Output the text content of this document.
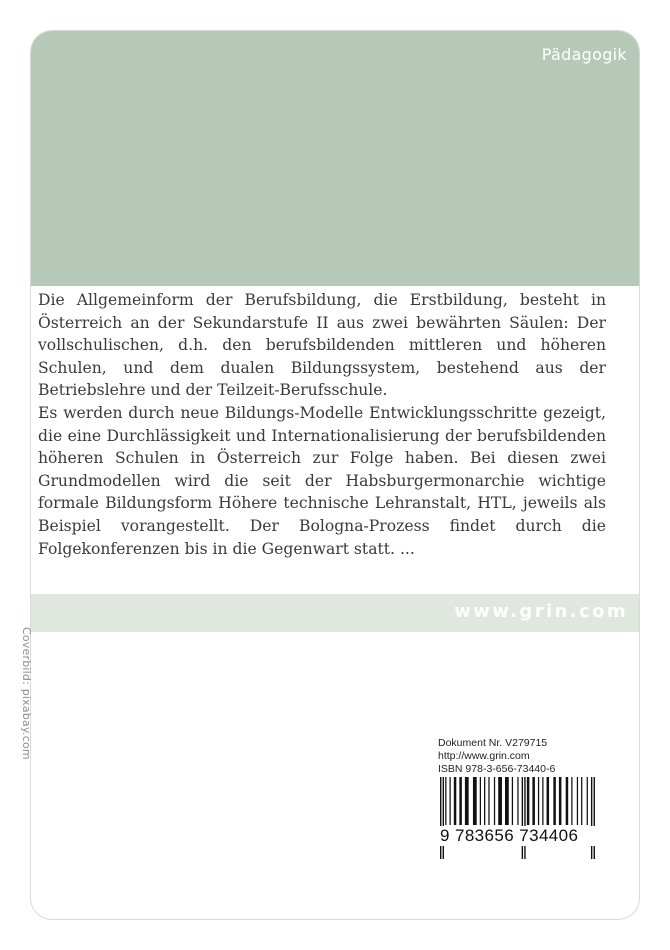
Pädagogik

Die Allgemeinform der Berufsbildung, die Erstbildung, besteht in Österreich an der Sekundarstufe II aus zwei bewährten Säulen: Der vollschulischen, d.h. den berufsbildenden mittleren und höheren Schulen, und dem dualen Bildungssystem, bestehend aus der Betriebslehre und der Teilzeit-Berufsschule.

Es werden durch neue Bildungs-Modelle Entwicklungsschritte gezeigt, die eine Durchlässigkeit und Internationalisierung der berufsbildenden höheren Schulen in Österreich zur Folge haben. Bei diesen zwei Grundmodellen wird die seit der Habsburgermonarchie wichtige formale Bildungsform Höhere technische Lehranstalt, HTL, jeweils als Beispiel vorangestellt. Der Bologna-Prozess findet durch die Folgekonferenzen bis in die Gegenwart statt. ...

www.grin.com
Coverbild: pixabay.com	Dokument Nr. V279715
http://www.grin.com
ISBN 978-3-656-73440-6
9 783656 734406
